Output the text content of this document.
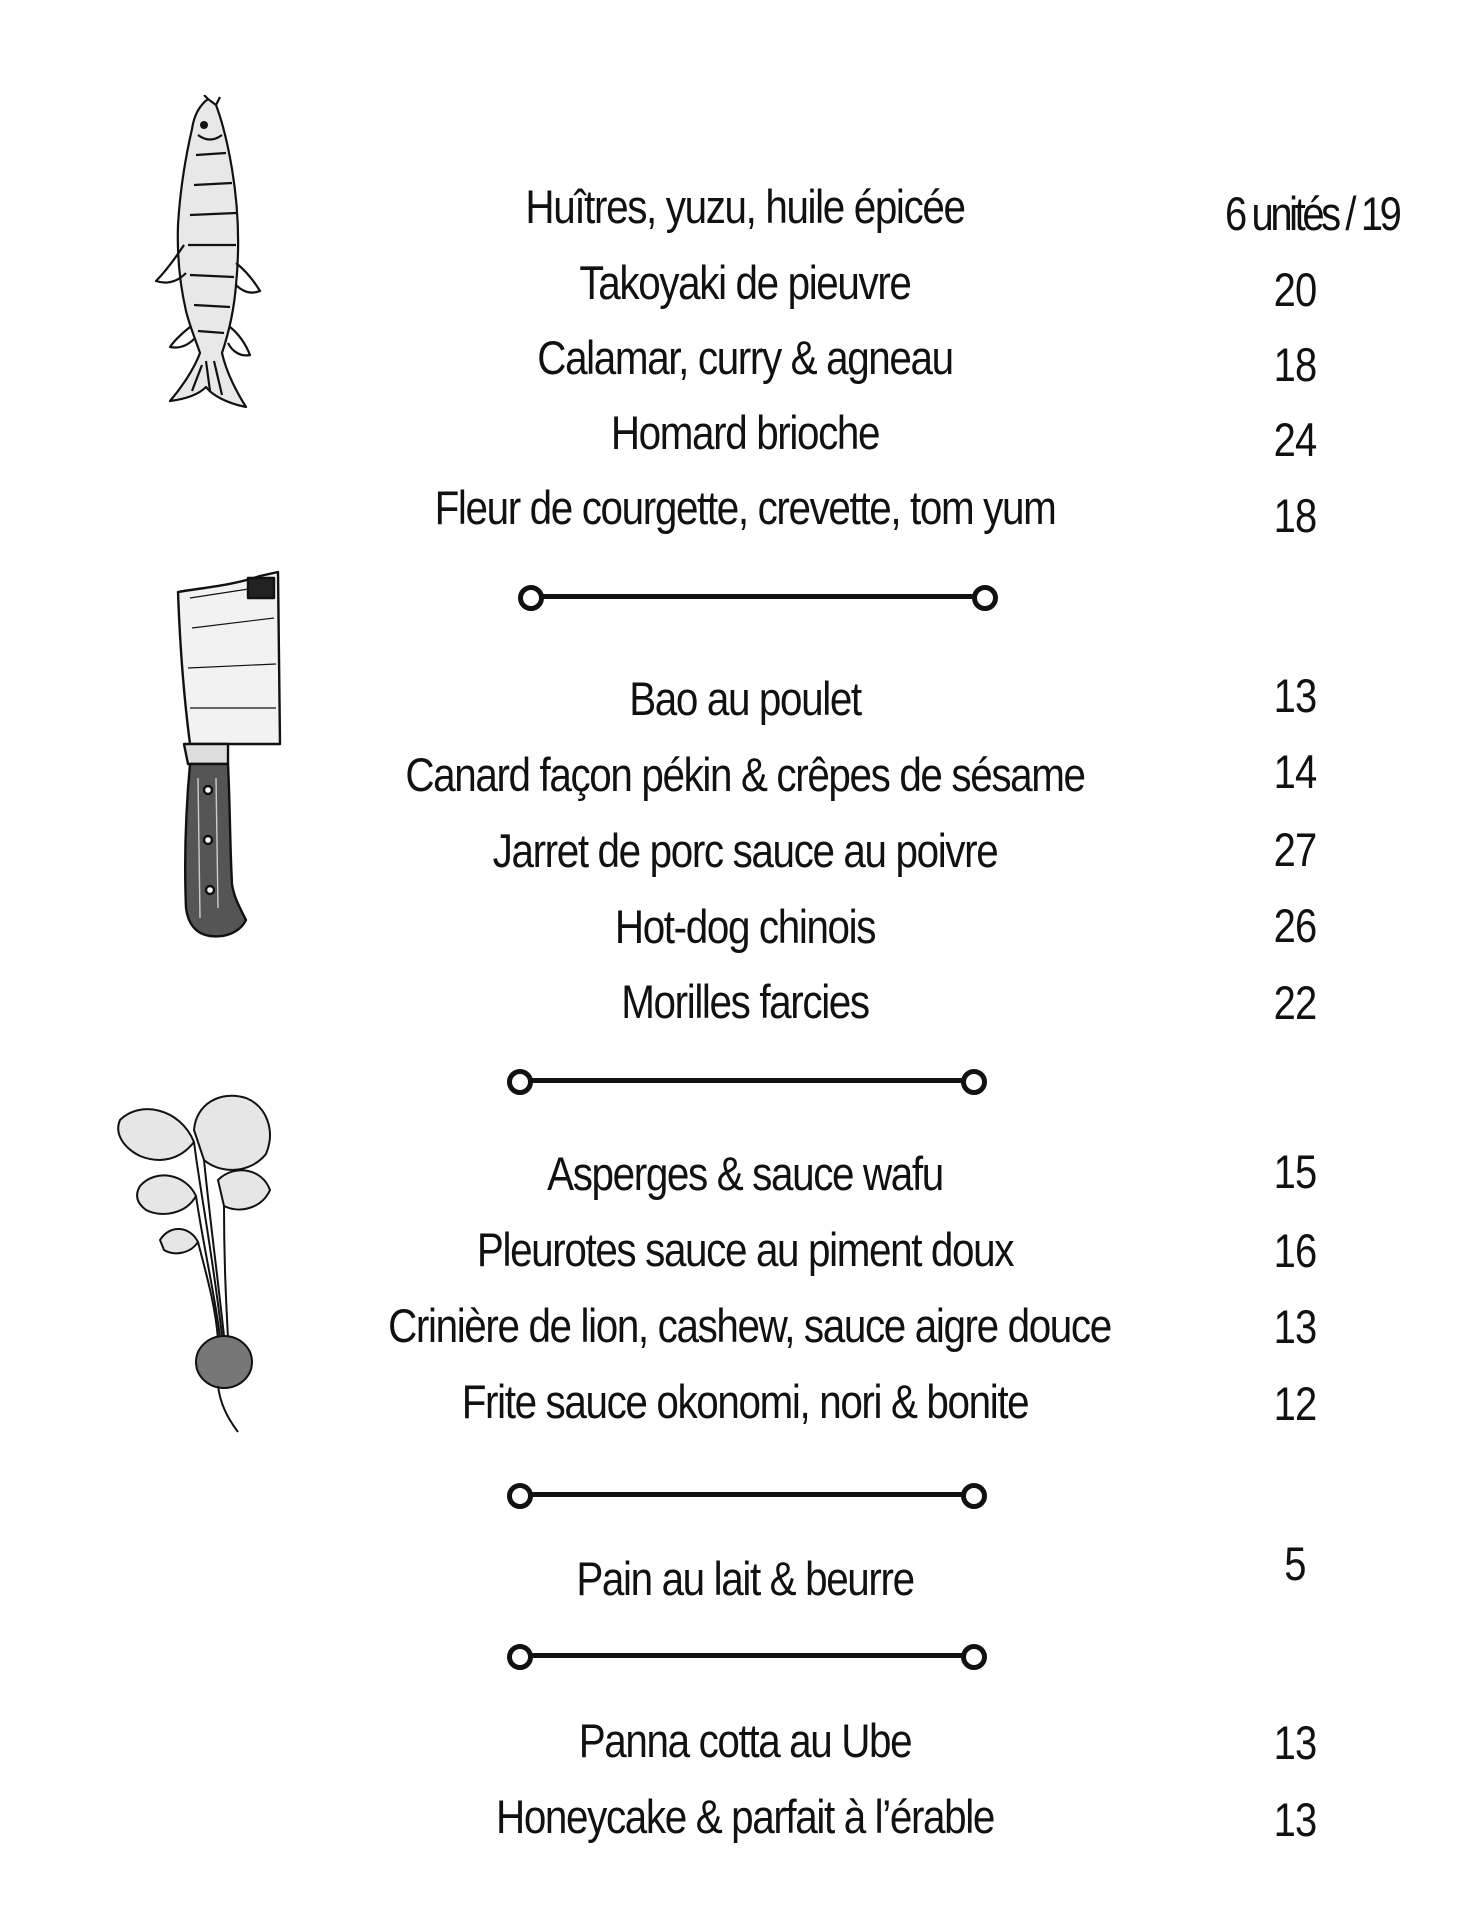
Huîtres, yuzu, huile épicée	6 unités / 19
Takoyaki de pieuvre	20
Calamar, curry & agneau	18
Homard brioche	24
Fleur de courgette, crevette, tom yum	18
Bao au poulet	13
Canard façon pékin & crêpes de sésame	14
Jarret de porc sauce au poivre	27
Hot-dog chinois	26
Morilles farcies	22
Asperges & sauce wafu	15
Pleurotes sauce au piment doux	16
Crinière de lion, cashew, sauce aigre douce	13
Frite sauce okonomi, nori & bonite	12
Pain au lait & beurre	5
Panna cotta au Ube	13
Honeycake & parfait à l’érable	13
